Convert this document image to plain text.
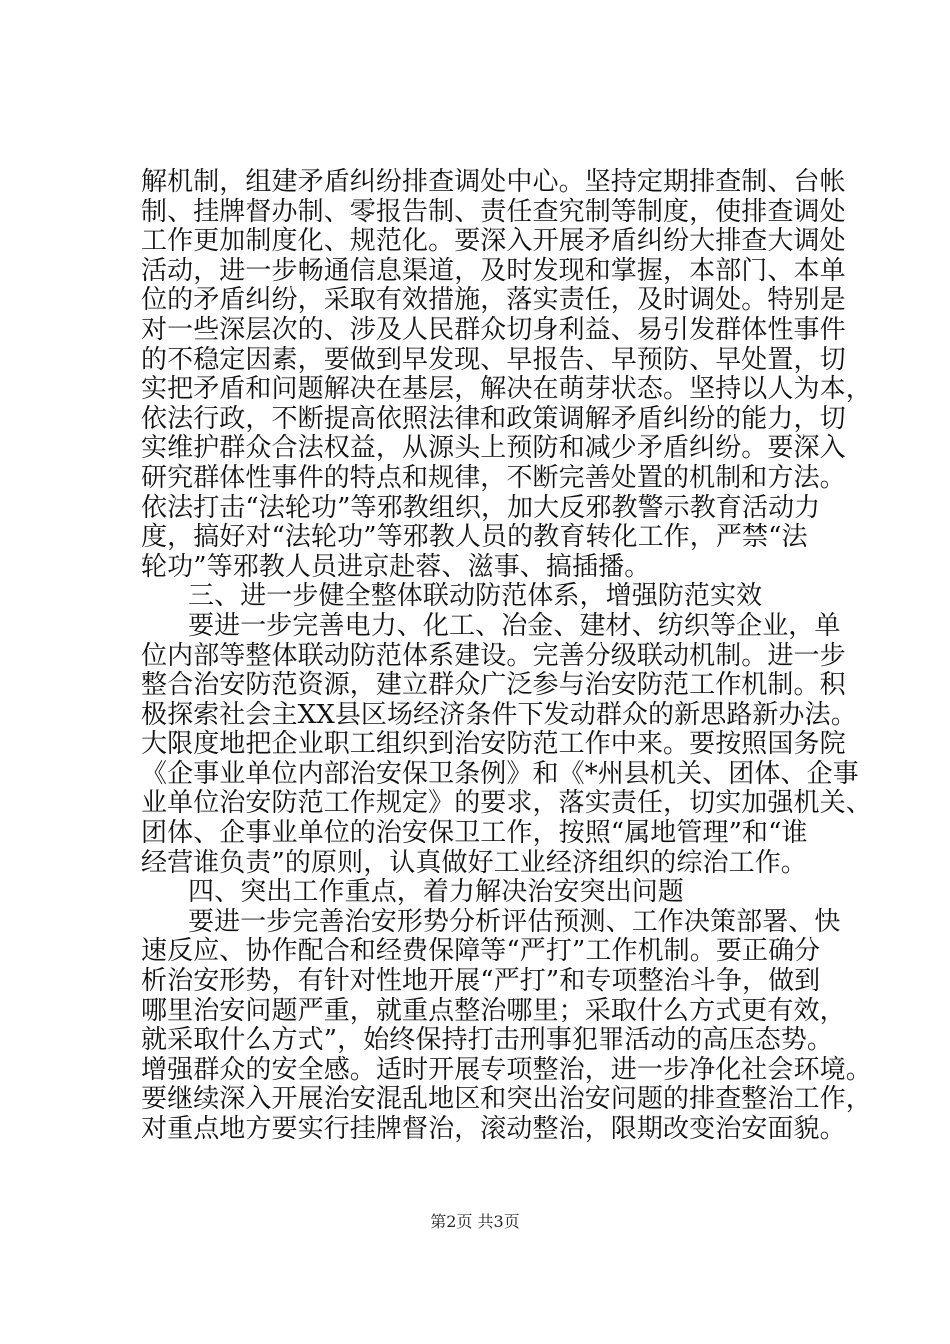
解机制，组建矛盾纠纷排查调处中心。坚持定期排查制、台帐
制、挂牌督办制、零报告制、责任查究制等制度，使排查调处
工作更加制度化、规范化。要深入开展矛盾纠纷大排查大调处
活动，进一步畅通信息渠道，及时发现和掌握，本部门、本单
位的矛盾纠纷，采取有效措施，落实责任，及时调处。特别是
对一些深层次的、涉及人民群众切身利益、易引发群体性事件
的不稳定因素，要做到早发现、早报告、早预防、早处置，切
实把矛盾和问题解决在基层，解决在萌芽状态。坚持以人为本，
依法行政，不断提高依照法律和政策调解矛盾纠纷的能力，切
实维护群众合法权益，从源头上预防和减少矛盾纠纷。要深入
研究群体性事件的特点和规律，不断完善处置的机制和方法。
依法打击“法轮功”等邪教组织，加大反邪教警示教育活动力
度，搞好对“法轮功”等邪教人员的教育转化工作，严禁“法
轮功”等邪教人员进京赴蓉、滋事、搞插播。
三、进一步健全整体联动防范体系，增强防范实效
要进一步完善电力、化工、冶金、建材、纺织等企业，单
位内部等整体联动防范体系建设。完善分级联动机制。进一步
整合治安防范资源，建立群众广泛参与治安防范工作机制。积
极探索社会主XX县区场经济条件下发动群众的新思路新办法。
大限度地把企业职工组织到治安防范工作中来。要按照国务院
《企事业单位内部治安保卫条例》和《*州县机关、团体、企事
业单位治安防范工作规定》的要求，落实责任，切实加强机关、
团体、企事业单位的治安保卫工作，按照“属地管理”和“谁
经营谁负责”的原则，认真做好工业经济组织的综治工作。
四、突出工作重点，着力解决治安突出问题
要进一步完善治安形势分析评估预测、工作决策部署、快
速反应、协作配合和经费保障等“严打”工作机制。要正确分
析治安形势，有针对性地开展“严打”和专项整治斗争，做到
哪里治安问题严重，就重点整治哪里；采取什么方式更有效，
就采取什么方式”，始终保持打击刑事犯罪活动的高压态势。
增强群众的安全感。适时开展专项整治，进一步净化社会环境。
要继续深入开展治安混乱地区和突出治安问题的排查整治工作，
对重点地方要实行挂牌督治，滚动整治，限期改变治安面貌。
第2页 共3页
